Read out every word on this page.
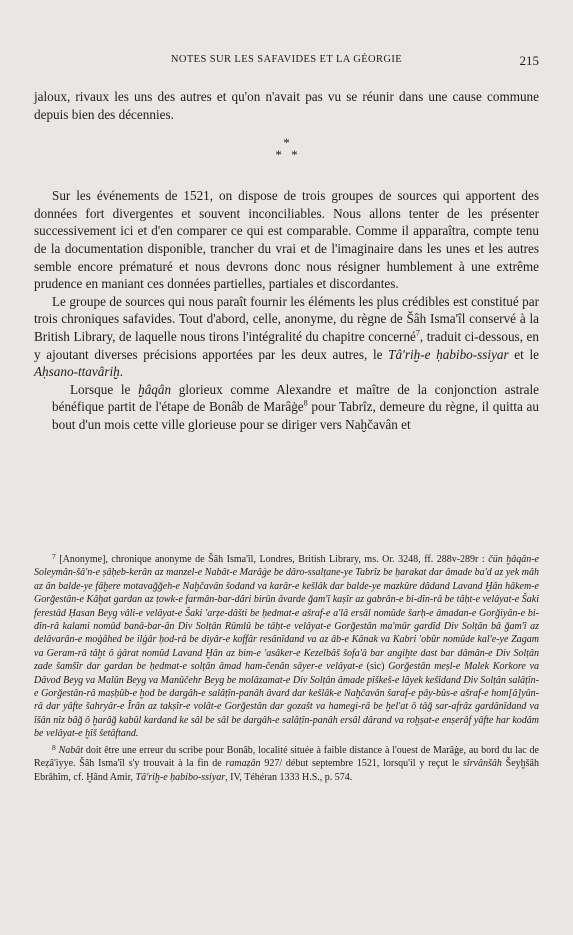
NOTES SUR LES SAFAVIDES ET LA GÉORGIE	215

jaloux, rivaux les uns des autres et qu'on n'avait pas vu se réunir dans une cause commune depuis bien des décennies.

*
* *

Sur les événements de 1521, on dispose de trois groupes de sources qui apportent des données fort divergentes et souvent inconciliables. Nous allons tenter de les présenter successivement ici et d'en comparer ce qui est comparable. Comme il apparaîtra, compte tenu de la documentation disponible, trancher du vrai et de l'imaginaire dans les unes et les autres semble encore prématuré et nous devrons donc nous résigner humblement à une extrême prudence en maniant ces données partielles, partiales et discordantes.

Le groupe de sources qui nous paraît fournir les éléments les plus crédibles est constitué par trois chroniques safavides. Tout d'abord, celle, anonyme, du règne de Šâh Isma'îl conservé à la British Library, de laquelle nous tirons l'intégralité du chapitre concerné$^7$, traduit ci-dessous, en y ajoutant diverses précisions apportées par les deux autres, le Tâ'riḫ-e ḥabibo-ssiyar et le Aḥsano-ttavâriḫ.

Lorsque le ḫâqân glorieux comme Alexandre et maître de la conjonction astrale bénéfique partit de l'étape de Bonâb de Marâġe$^8$ pour Tabrîz, demeure du règne, il quitta au bout d'un mois cette ville glorieuse pour se diriger vers Naḫčavân et

$^7$ [Anonyme], chronique anonyme de Šâh Isma'îl, Londres, British Library, ms. Or. 3248, ff. 288v-289r : čün ḫâqân-e Soleymân-šâ'n-e ṣâḥeb-kerân az manzel-e Nabât-e Marâġe be dâro-ssalṭane-ye Tabrîz be ḥarakat dar âmade ba'd az yek mâh az ân balde-ye fâḫere motavağğeh-e Naḫčavân šodand va karâr-e kešlâk dar balde-ye mazkûre dâdand Lavand Ḫân hâkem-e Gorğestân-e Kâḫat gardan az ṭowk-e farmân-bar-dâri birûn âvarde ğam'î kaṣîr az gabrân-e bi-dîn-râ be tâḥt-e velâyat-e Šaki ferestâd Ḥasan Beyg vâli-e velâyat-e Šaki 'arẓe-dâšti be ḥedmat-e ašraf-e a'lâ ersâl nomûde šarḥ-e âmadan-e Gorğiyân-e bi-dîn-râ kalami nomûd banâ-bar-ân Div Solṭân Rûmlû be tâḥt-e velâyat-e Gorğestân ma'mûr gardîd Div Solṭân bâ ğam'î az delâvarân-e moġâhed be ilġâr ḥod-râ be diyâr-e koffâr resânîdand va az âb-e Kânak va Kabri 'obûr nomûde kal'e-ye Zagam va Geram-râ tâḫt ô ġârat nomûd Lavand Ḫân az bim-e 'asâker-e Kezelbâš šofa'â bar angiḫte dast bar dâmân-e Div Solṭân zade šamšîr dar gardan be ḥedmat-e solṭân âmad ham-čenân sâyer-e velâyat-e (sic) Gorğestân meṣl-e Malek Korkore va Dâvod Beyg va Malûn Beyg va Manûčehr Beyg be molâzamat-e Div Solṭân âmade pîškeš-e lâyek kešîdand Div Solṭân salâṭîn-e Gorğestân-râ maṣḥûb-e ḫod be dargâh-e salâṭîn-panâh âvard dar kešlâk-e Naḫčavân šaraf-e pây-bûs-e ašraf-e hom[â]yûn-râ dar yâfte šahryâr-e Îrân az takṣîr-e volât-e Gorğestân dar gozašt va hamegi-râ be ḫel'at ô tâğ sar-afrâz gardânîdand va îšân nîz bâğ ô ḫarâğ kabûl kardand ke sâl be sâl be dargâh-e salâṭîn-panâh ersâl dârand va roḫṣat-e enṣerâf yâfte har kodâm be velâyat-e ḫîš šetâftand.

$^8$ Nabât doit être une erreur du scribe pour Bonâb, localité située à faible distance à l'ouest de Marâġe, au bord du lac de Reẓâ'iyye. Šâh Isma'îl s'y trouvait à la fin de ramaẓân 927/ début septembre 1521, lorsqu'il y reçut le sîrvânšâh Šeyḫšâh Ebrâhîm, cf. Ḫând Amir, Tâ'riḫ-e ḥabibo-ssiyar, IV, Téhéran 1333 H.S., p. 574.
